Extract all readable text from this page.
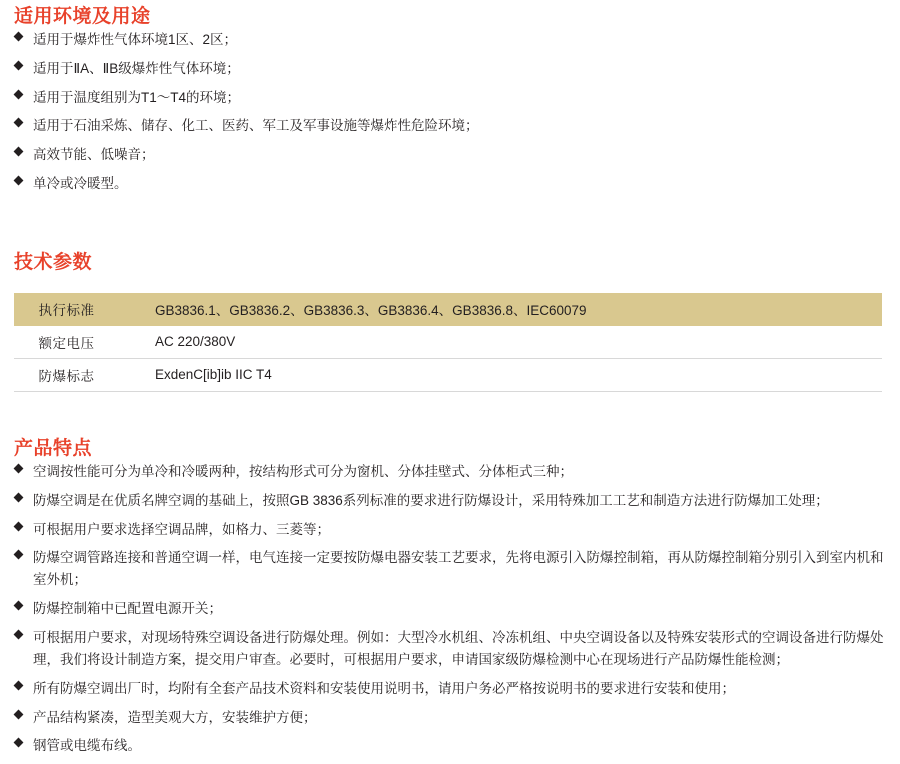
适用环境及用途
适用于爆炸性气体环境1区、2区；
适用于ⅡA、ⅡB级爆炸性气体环境；
适用于温度组别为T1～T4的环境；
适用于石油采炼、储存、化工、医药、军工及军事设施等爆炸性危险环境；
高效节能、低噪音；
单冷或冷暖型。
技术参数
执行标准	GB3836.1、GB3836.2、GB3836.3、GB3836.4、GB3836.8、IEC60079
额定电压	AC 220/380V
防爆标志	ExdenC[ib]ib IIC T4
产品特点
空调按性能可分为单冷和冷暖两种，按结构形式可分为窗机、分体挂壁式、分体柜式三种；
防爆空调是在优质名牌空调的基础上，按照GB 3836系列标准的要求进行防爆设计，采用特殊加工工艺和制造方法进行防爆加工处理；
可根据用户要求选择空调品牌，如格力、三菱等；
防爆空调管路连接和普通空调一样，电气连接一定要按防爆电器安装工艺要求，先将电源引入防爆控制箱，再从防爆控制箱分别引入到室内机和室外机；
防爆控制箱中已配置电源开关；
可根据用户要求，对现场特殊空调设备进行防爆处理。例如：大型冷水机组、冷冻机组、中央空调设备以及特殊安装形式的空调设备进行防爆处理，我们将设计制造方案，提交用户审查。必要时，可根据用户要求，申请国家级防爆检测中心在现场进行产品防爆性能检测；
所有防爆空调出厂时，均附有全套产品技术资料和安装使用说明书，请用户务必严格按说明书的要求进行安装和使用；
产品结构紧凑，造型美观大方，安装维护方便；
钢管或电缆布线。
